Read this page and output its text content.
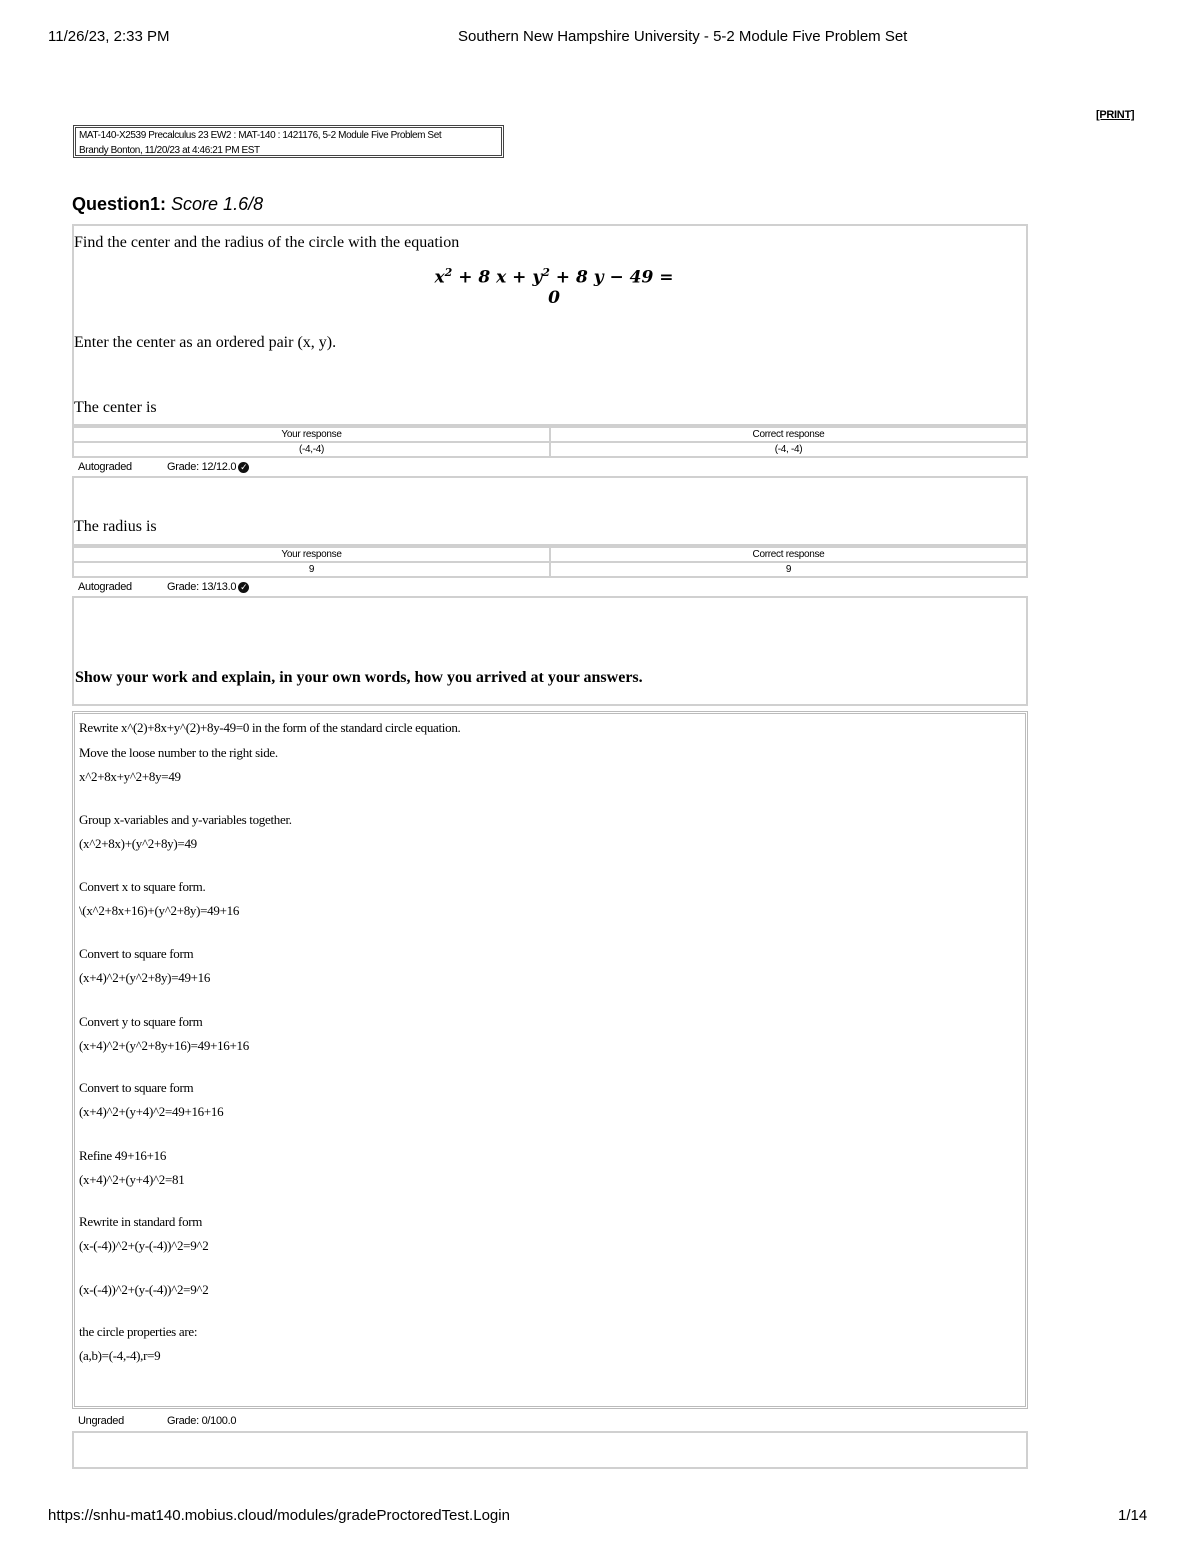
11/26/23, 2:33 PM	Southern New Hampshire University - 5-2 Module Five Problem Set
[PRINT]
MAT-140-X2539 Precalculus 23 EW2 : MAT-140 : 1421176, 5-2 Module Five Problem Set
Brandy Bonton, 11/20/23 at 4:46:21 PM EST
Question1: Score 1.6/8
Find the center and the radius of the circle with the equation
$x^2 + 8$ $x + y^2 + 8$ y − 49 = 0
Enter the center as an ordered pair (x, y).
The center is
Your response	Correct response
(-4,-4)	(-4, -4)
Autograded	Grade: 12/12.0 ✓
The radius is
Your response	Correct response
9	9
Autograded	Grade: 13/13.0 ✓
Show your work and explain, in your own words, how you arrived at your answers.
Rewrite x^(2)+8x+y^(2)+8y-49=0 in the form of the standard circle equation.
Move the loose number to the right side.
x^2+8x+y^2+8y=49
Group x-variables and y-variables together.
(x^2+8x)+(y^2+8y)=49
Convert x to square form.
\(x^2+8x+16)+(y^2+8y)=49+16
Convert to square form
(x+4)^2+(y^2+8y)=49+16
Convert y to square form
(x+4)^2+(y^2+8y+16)=49+16+16
Convert to square form
(x+4)^2+(y+4)^2=49+16+16
Refine 49+16+16
(x+4)^2+(y+4)^2=81
Rewrite in standard form
(x-(-4))^2+(y-(-4))^2=9^2
(x-(-4))^2+(y-(-4))^2=9^2
the circle properties are:
(a,b)=(-4,-4),r=9
Ungraded	Grade: 0/100.0
https://snhu-mat140.mobius.cloud/modules/gradeProctoredTest.Login	1/14
